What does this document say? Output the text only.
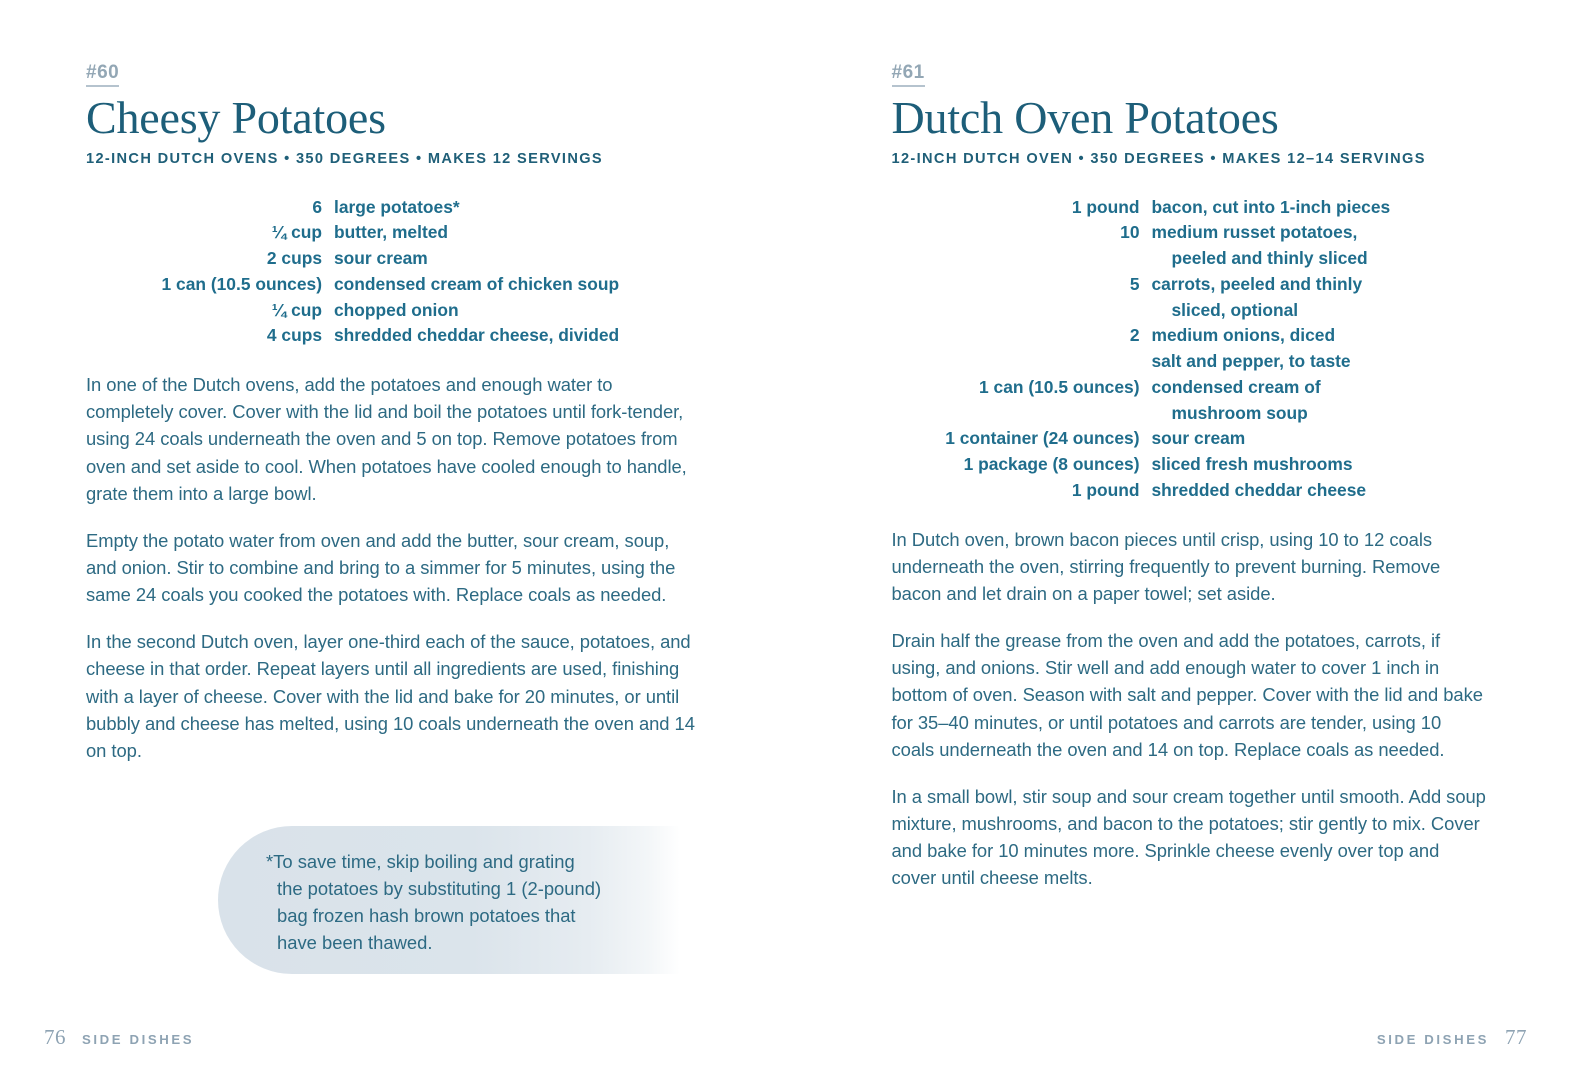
#60
Cheesy Potatoes
12-INCH DUTCH OVENS • 350 DEGREES • MAKES 12 SERVINGS
6 large potatoes*
¼ cup butter, melted
2 cups sour cream
1 can (10.5 ounces) condensed cream of chicken soup
¼ cup chopped onion
4 cups shredded cheddar cheese, divided

In one of the Dutch ovens, add the potatoes and enough water to completely cover. Cover with the lid and boil the potatoes until fork-tender, using 24 coals underneath the oven and 5 on top. Remove potatoes from oven and set aside to cool. When potatoes have cooled enough to handle, grate them into a large bowl.

Empty the potato water from oven and add the butter, sour cream, soup, and onion. Stir to combine and bring to a simmer for 5 minutes, using the same 24 coals you cooked the potatoes with. Replace coals as needed.

In the second Dutch oven, layer one-third each of the sauce, potatoes, and cheese in that order. Repeat layers until all ingredients are used, finishing with a layer of cheese. Cover with the lid and bake for 20 minutes, or until bubbly and cheese has melted, using 10 coals underneath the oven and 14 on top.

*To save time, skip boiling and grating
the potatoes by substituting 1 (2-pound)
bag frozen hash brown potatoes that
have been thawed.
76 SIDE DISHES
#61
Dutch Oven Potatoes
12-INCH DUTCH OVEN • 350 DEGREES • MAKES 12–14 SERVINGS
1 pound bacon, cut into 1-inch pieces
10 medium russet potatoes,
peeled and thinly sliced
5 carrots, peeled and thinly
sliced, optional
2 medium onions, diced
salt and pepper, to taste
1 can (10.5 ounces) condensed cream of
mushroom soup
1 container (24 ounces) sour cream
1 package (8 ounces) sliced fresh mushrooms
1 pound shredded cheddar cheese

In Dutch oven, brown bacon pieces until crisp, using 10 to 12 coals underneath the oven, stirring frequently to prevent burning. Remove bacon and let drain on a paper towel; set aside.

Drain half the grease from the oven and add the potatoes, carrots, if using, and onions. Stir well and add enough water to cover 1 inch in bottom of oven. Season with salt and pepper. Cover with the lid and bake for 35–40 minutes, or until potatoes and carrots are tender, using 10 coals underneath the oven and 14 on top. Replace coals as needed.

In a small bowl, stir soup and sour cream together until smooth. Add soup mixture, mushrooms, and bacon to the potatoes; stir gently to mix. Cover and bake for 10 minutes more. Sprinkle cheese evenly over top and cover until cheese melts.

SIDE DISHES 77
